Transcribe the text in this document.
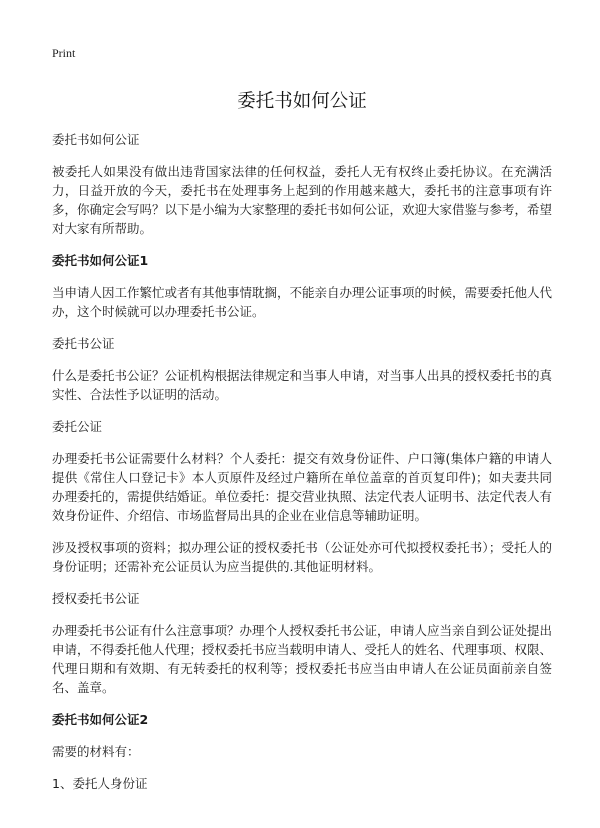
Print
委托书如何公证

委托书如何公证

被委托人如果没有做出违背国家法律的任何权益，委托人无有权终止委托协议。在充满活力，日益开放的今天，委托书在处理事务上起到的作用越来越大，委托书的注意事项有许多，你确定会写吗？以下是小编为大家整理的委托书如何公证，欢迎大家借鉴与参考，希望对大家有所帮助。

委托书如何公证1

当申请人因工作繁忙或者有其他事情耽搁，不能亲自办理公证事项的时候，需要委托他人代办，这个时候就可以办理委托书公证。

委托书公证

什么是委托书公证？公证机构根据法律规定和当事人申请，对当事人出具的授权委托书的真实性、合法性予以证明的活动。

委托公证

办理委托书公证需要什么材料？个人委托：提交有效身份证件、户口簿(集体户籍的申请人提供《常住人口登记卡》本人页原件及经过户籍所在单位盖章的首页复印件)；如夫妻共同办理委托的，需提供结婚证。单位委托：提交营业执照、法定代表人证明书、法定代表人有效身份证件、介绍信、市场监督局出具的企业在业信息等辅助证明。

涉及授权事项的资料；拟办理公证的授权委托书（公证处亦可代拟授权委托书）；受托人的身份证明；还需补充公证员认为应当提供的.其他证明材料。

授权委托书公证

办理委托书公证有什么注意事项？办理个人授权委托书公证，申请人应当亲自到公证处提出申请，不得委托他人代理；授权委托书应当载明申请人、受托人的姓名、代理事项、权限、代理日期和有效期、有无转委托的权利等；授权委托书应当由申请人在公证员面前亲自签名、盖章。

委托书如何公证2

需要的材料有：

1、委托人身份证
